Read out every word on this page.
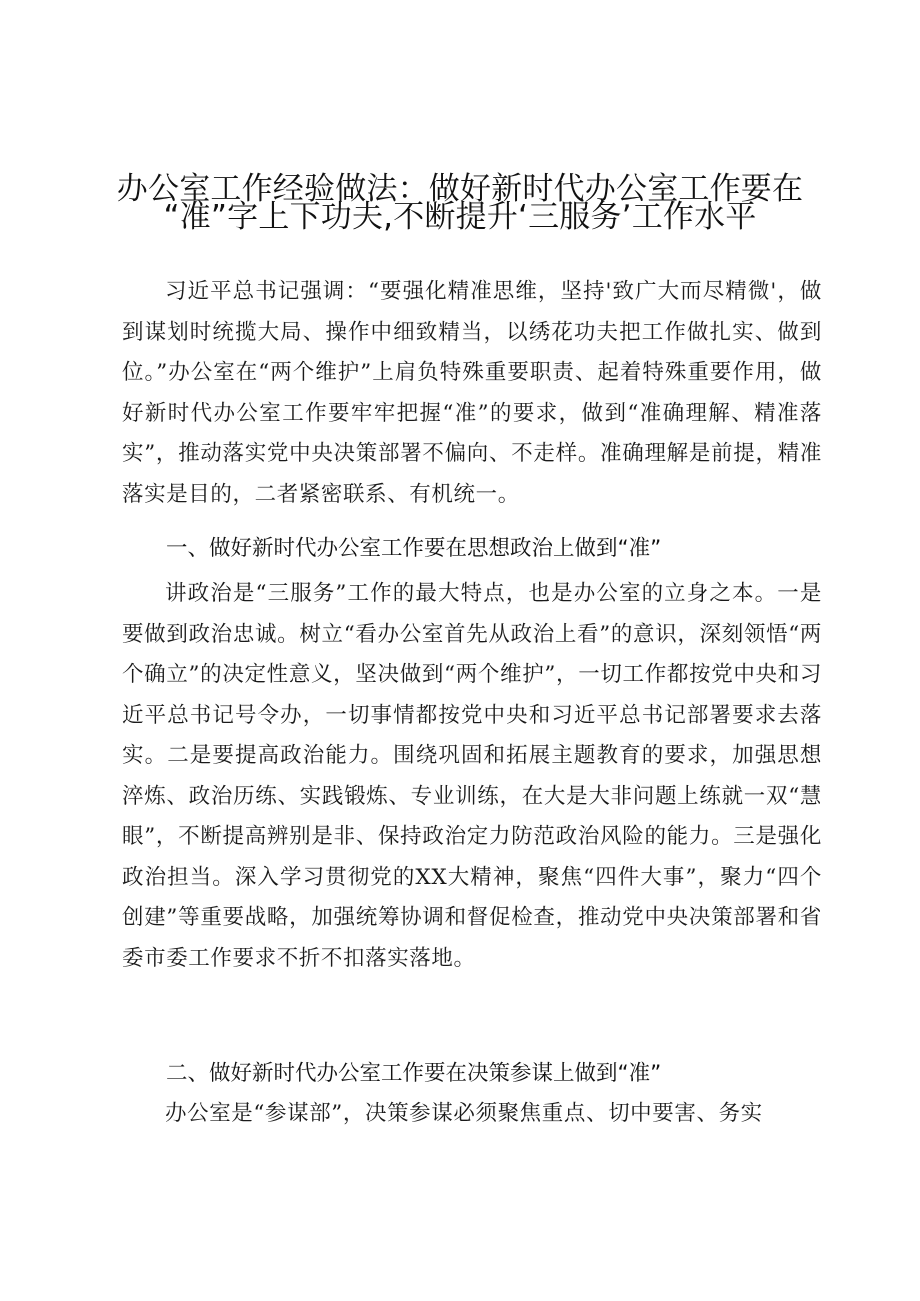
办公室工作经验做法：做好新时代办公室工作要在
“准”字上下功夫,不断提升‘三服务’工作水平

习近平总书记强调：“要强化精准思维，坚持'致广大而尽精微'，做到谋划时统揽大局、操作中细致精当，以绣花功夫把工作做扎实、做到位。”办公室在“两个维护”上肩负特殊重要职责、起着特殊重要作用，做好新时代办公室工作要牢牢把握“准”的要求，做到“准确理解、精准落实”，推动落实党中央决策部署不偏向、不走样。准确理解是前提，精准落实是目的，二者紧密联系、有机统一。

一、做好新时代办公室工作要在思想政治上做到“准”

讲政治是“三服务”工作的最大特点，也是办公室的立身之本。一是要做到政治忠诚。树立“看办公室首先从政治上看”的意识，深刻领悟“两个确立”的决定性意义，坚决做到“两个维护”，一切工作都按党中央和习近平总书记号令办，一切事情都按党中央和习近平总书记部署要求去落实。二是要提高政治能力。围绕巩固和拓展主题教育的要求，加强思想淬炼、政治历练、实践锻炼、专业训练，在大是大非问题上练就一双“慧眼”，不断提高辨别是非、保持政治定力防范政治风险的能力。三是强化政治担当。深入学习贯彻党的XX大精神，聚焦“四件大事”，聚力“四个创建”等重要战略，加强统筹协调和督促检查，推动党中央决策部署和省委市委工作要求不折不扣落实落地。

二、做好新时代办公室工作要在决策参谋上做到“准”

办公室是“参谋部”，决策参谋必须聚焦重点、切中要害、务实
